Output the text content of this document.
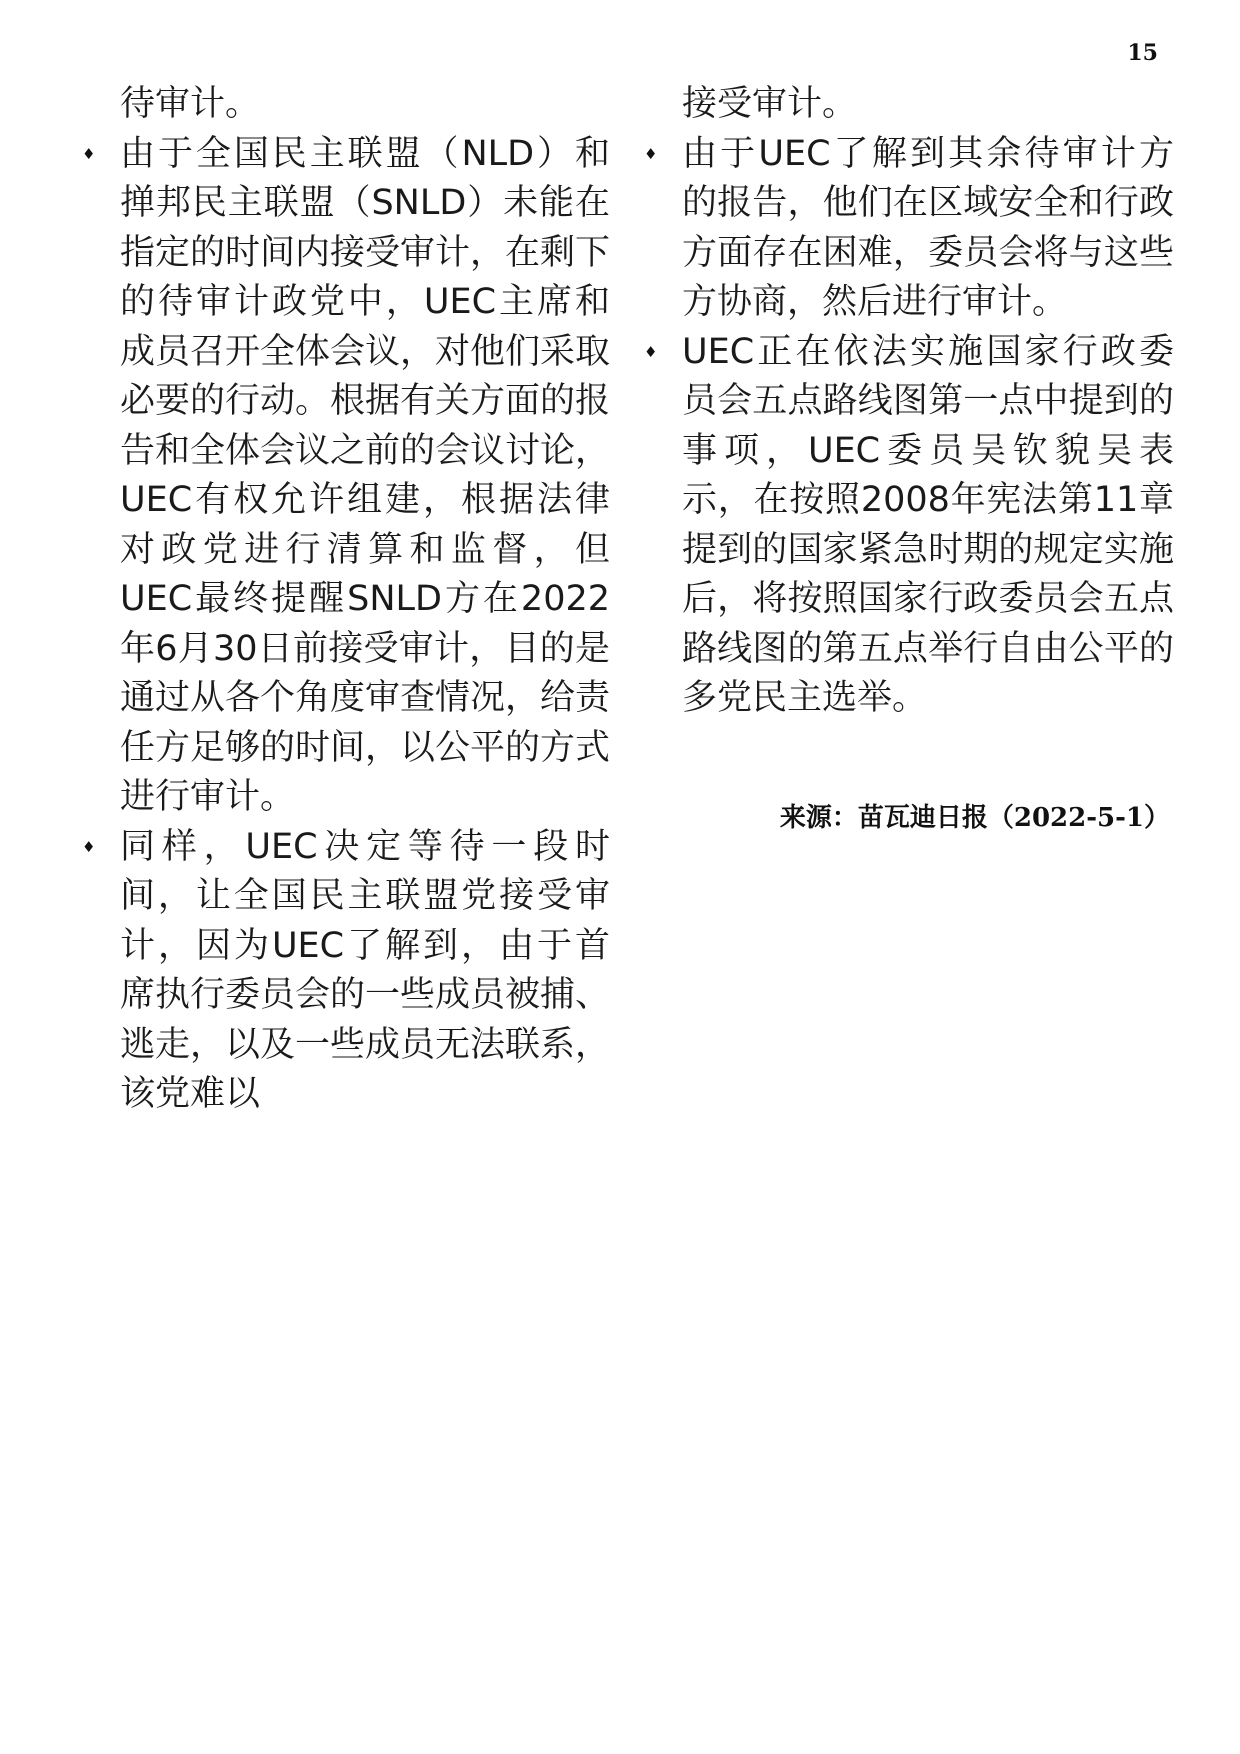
15

待审计。

♦ 由于全国民主联盟（NLD）和掸邦民主联盟（SNLD）未能在指定的时间内接受审计，在剩下的待审计政党中，UEC主席和成员召开全体会议，对他们采取必要的行动。根据有关方面的报告和全体会议之前的会议讨论，UEC有权允许组建，根据法律对政党进行清算和监督，但UEC最终提醒SNLD方在2022年6月30日前接受审计，目的是通过从各个角度审查情况，给责任方足够的时间，以公平的方式进行审计。
♦ 同样，UEC决定等待一段时间，让全国民主联盟党接受审计，因为UEC了解到，由于首席执行委员会的一些成员被捕、逃走，以及一些成员无法联系，该党难以

接受审计。

♦ 由于UEC了解到其余待审计方的报告，他们在区域安全和行政方面存在困难，委员会将与这些方协商，然后进行审计。
♦ UEC正在依法实施国家行政委员会五点路线图第一点中提到的事项，UEC委员吴钦貌吴表示，在按照2008年宪法第11章提到的国家紧急时期的规定实施后，将按照国家行政委员会五点路线图的第五点举行自由公平的多党民主选举。

来源：苗瓦迪日报（2022-5-1）
